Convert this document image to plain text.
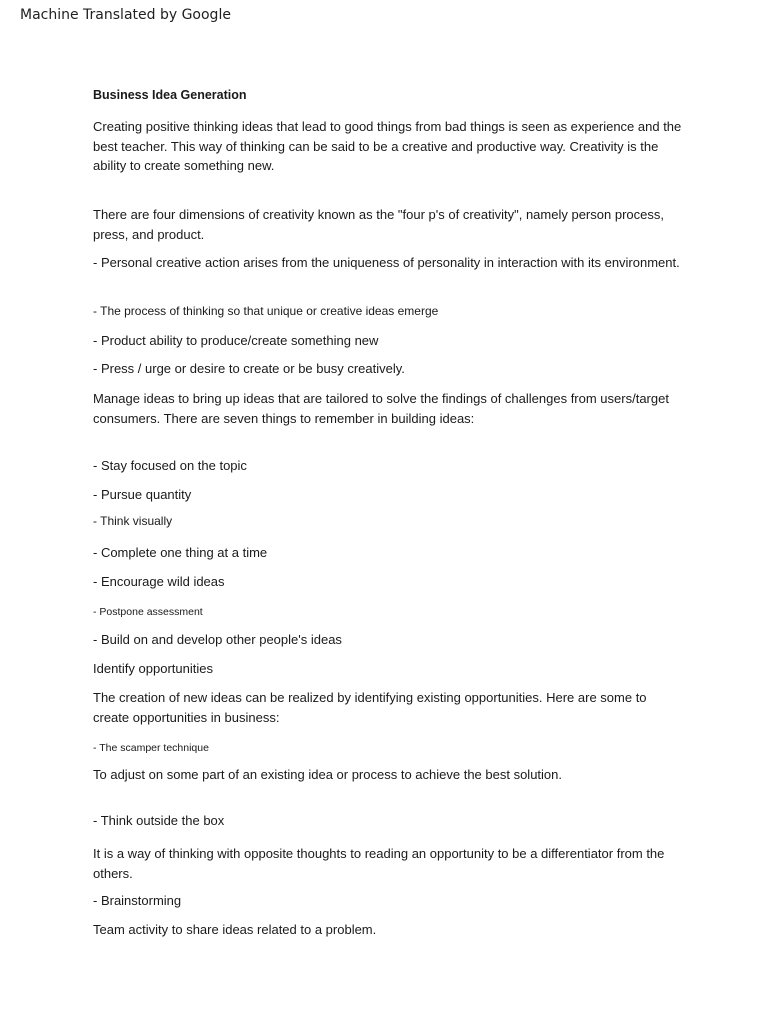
Machine Translated by Google
Business Idea Generation
Creating positive thinking ideas that lead to good things from bad things is seen as experience and the best teacher. This way of thinking can be said to be a creative and productive way. Creativity is the ability to create something new.
There are four dimensions of creativity known as the "four p's of creativity", namely person process, press, and product.
- Personal creative action arises from the uniqueness of personality in interaction with its environment.
- The process of thinking so that unique or creative ideas emerge
- Product ability to produce/create something new
- Press / urge or desire to create or be busy creatively.
Manage ideas to bring up ideas that are tailored to solve the findings of challenges from users/target consumers. There are seven things to remember in building ideas:
- Stay focused on the topic
- Pursue quantity
- Think visually
- Complete one thing at a time
- Encourage wild ideas
- Postpone assessment
- Build on and develop other people's ideas
Identify opportunities
The creation of new ideas can be realized by identifying existing opportunities. Here are some to create opportunities in business:
- The scamper technique
To adjust on some part of an existing idea or process to achieve the best solution.
- Think outside the box
It is a way of thinking with opposite thoughts to reading an opportunity to be a differentiator from the others.
- Brainstorming
Team activity to share ideas related to a problem.
